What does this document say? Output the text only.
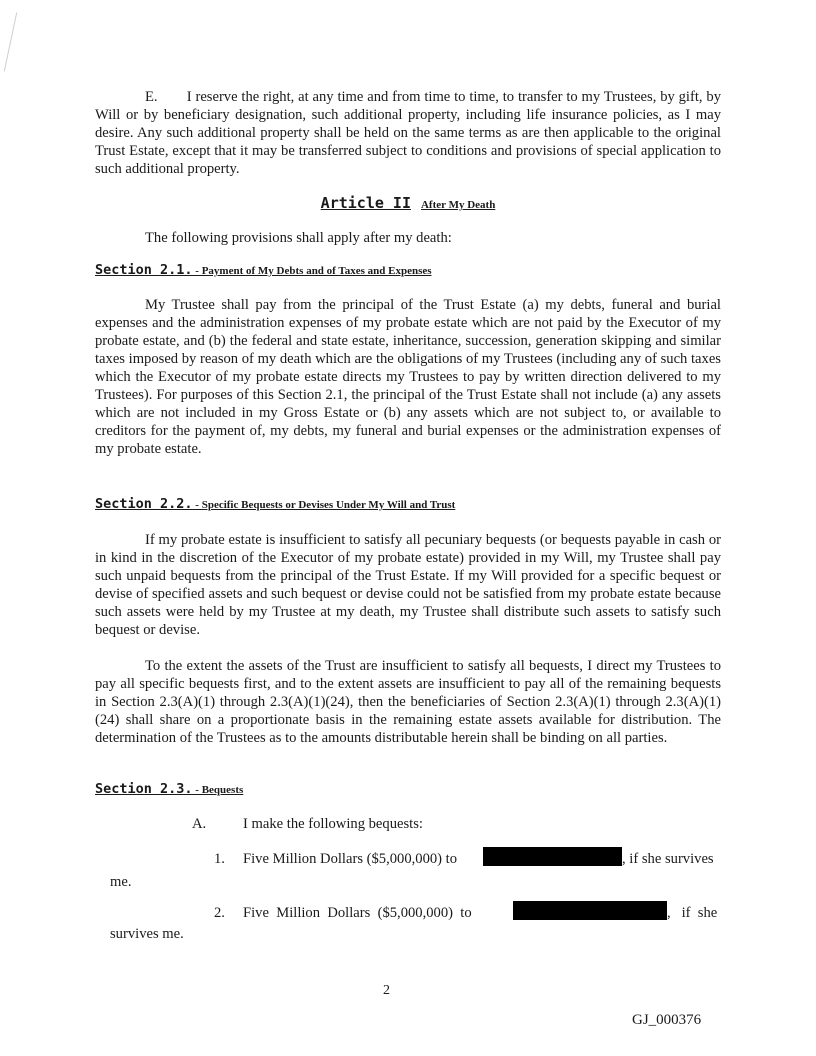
E.  I reserve the right, at any time and from time to time, to transfer to my Trustees, by gift, by Will or by beneficiary designation, such additional property, including life insurance policies, as I may desire. Any such additional property shall be held on the same terms as are then applicable to the original Trust Estate, except that it may be transferred subject to conditions and provisions of special application to such additional property.

Article II After My Death

The following provisions shall apply after my death:

Section 2.1. - Payment of My Debts and of Taxes and Expenses

My Trustee shall pay from the principal of the Trust Estate (a) my debts, funeral and burial expenses and the administration expenses of my probate estate which are not paid by the Executor of my probate estate, and (b) the federal and state estate, inheritance, succession, generation skipping and similar taxes imposed by reason of my death which are the obligations of my Trustees (including any of such taxes which the Executor of my probate estate directs my Trustees to pay by written direction delivered to my Trustees). For purposes of this Section 2.1, the principal of the Trust Estate shall not include (a) any assets which are not included in my Gross Estate or (b) any assets which are not subject to, or available to creditors for the payment of, my debts, my funeral and burial expenses or the administration expenses of my probate estate.

Section 2.2. - Specific Bequests or Devises Under My Will and Trust

If my probate estate is insufficient to satisfy all pecuniary bequests (or bequests payable in cash or in kind in the discretion of the Executor of my probate estate) provided in my Will, my Trustee shall pay such unpaid bequests from the principal of the Trust Estate. If my Will provided for a specific bequest or devise of specified assets and such bequest or devise could not be satisfied from my probate estate because such assets were held by my Trustee at my death, my Trustee shall distribute such assets to satisfy such bequest or devise.

To the extent the assets of the Trust are insufficient to satisfy all bequests, I direct my Trustees to pay all specific bequests first, and to the extent assets are insufficient to pay all of the remaining bequests in Section 2.3(A)(1) through 2.3(A)(1)(24), then the beneficiaries of Section 2.3(A)(1) through 2.3(A)(1)(24) shall share on a proportionate basis in the remaining estate assets available for distribution. The determination of the Trustees as to the amounts distributable herein shall be binding on all parties.

Section 2.3. - Bequests
A.	I make the following bequests:
1. Five Million Dollars ($5,000,000) to	, if she survives
me.
2. Five  Million  Dollars  ($5,000,000)  to	,   if  she
survives me.
2
GJ_000376
